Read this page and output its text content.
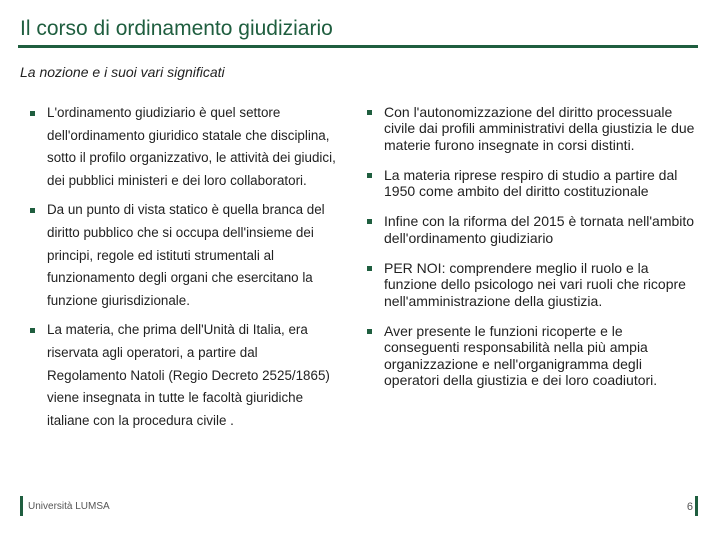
Il corso di ordinamento giudiziario

La nozione e i suoi vari significati

L'ordinamento giudiziario è quel settore dell'ordinamento giuridico statale che disciplina, sotto il profilo organizzativo, le attività dei giudici, dei pubblici ministeri e dei loro collaboratori.
Da un punto di vista statico è quella branca del diritto pubblico che si occupa dell'insieme dei principi, regole ed istituti strumentali al funzionamento degli organi che esercitano la funzione giurisdizionale.
La materia, che prima dell'Unità di Italia, era riservata agli operatori, a partire dal Regolamento Natoli (Regio Decreto 2525/1865) viene insegnata in tutte le facoltà giuridiche italiane con la procedura civile .
Con l'autonomizzazione del diritto processuale civile dai profili amministrativi della giustizia le due materie furono insegnate in corsi distinti.
La materia riprese respiro di studio a partire dal 1950 come ambito del diritto costituzionale
Infine con la riforma del 2015 è tornata nell'ambito dell'ordinamento giudiziario
PER NOI: comprendere meglio il ruolo e la funzione dello psicologo nei vari ruoli che ricopre nell'amministrazione della giustizia.
Aver presente le funzioni ricoperte e le conseguenti responsabilità nella più ampia organizzazione e nell'organigramma degli operatori della giustizia e dei loro coadiutori.
Università LUMSA	6
